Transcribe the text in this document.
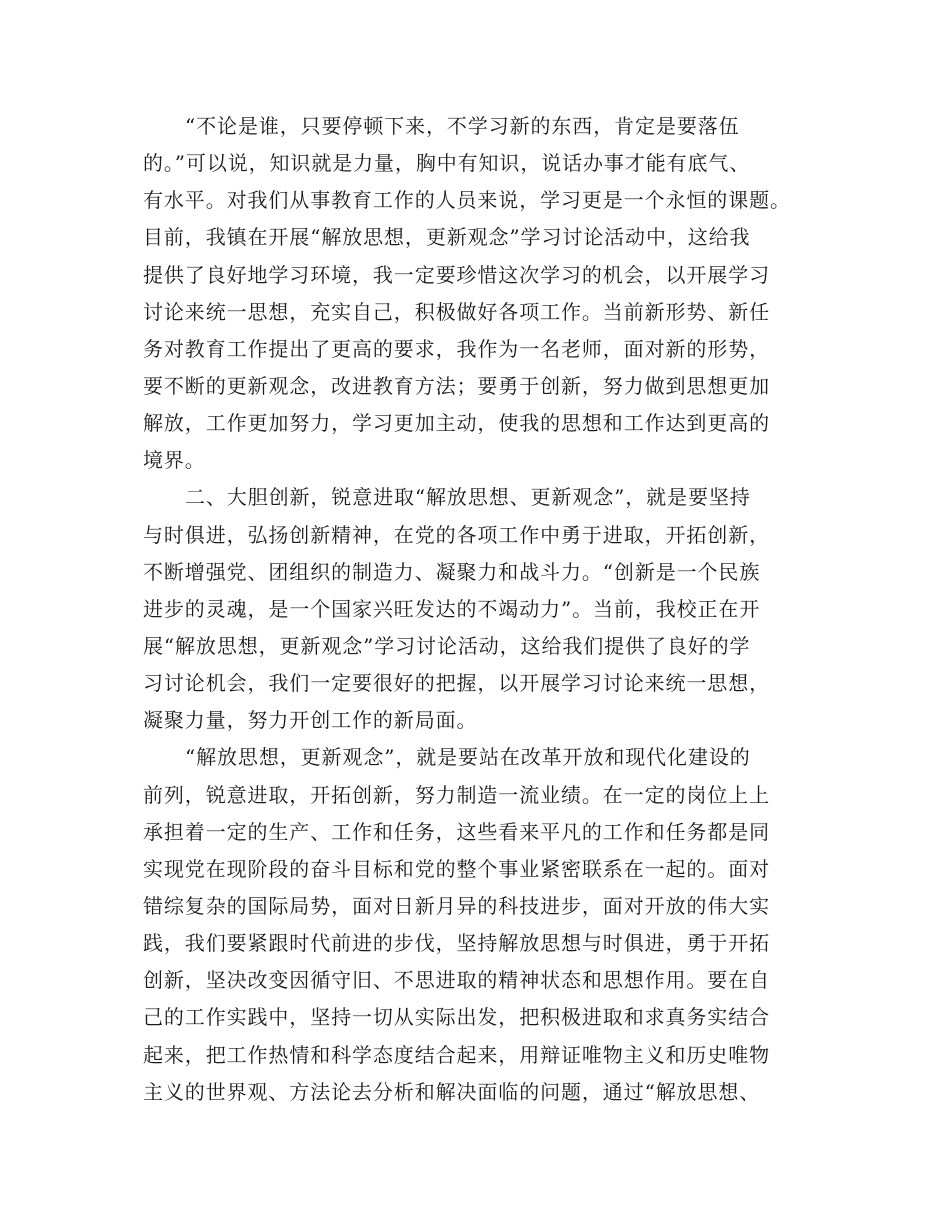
“不论是谁，只要停顿下来，不学习新的东西，肯定是要落伍
的。”可以说，知识就是力量，胸中有知识，说话办事才能有底气、
有水平。对我们从事教育工作的人员来说，学习更是一个永恒的课题。
目前，我镇在开展“解放思想，更新观念”学习讨论活动中，这给我
提供了良好地学习环境，我一定要珍惜这次学习的机会，以开展学习
讨论来统一思想，充实自己，积极做好各项工作。当前新形势、新任
务对教育工作提出了更高的要求，我作为一名老师，面对新的形势，
要不断的更新观念，改进教育方法；要勇于创新，努力做到思想更加
解放，工作更加努力，学习更加主动，使我的思想和工作达到更高的
境界。
二、大胆创新，锐意进取“解放思想、更新观念”，就是要坚持
与时俱进，弘扬创新精神，在党的各项工作中勇于进取，开拓创新，
不断增强党、团组织的制造力、凝聚力和战斗力。“创新是一个民族
进步的灵魂，是一个国家兴旺发达的不竭动力”。当前，我校正在开
展“解放思想，更新观念”学习讨论活动，这给我们提供了良好的学
习讨论机会，我们一定要很好的把握，以开展学习讨论来统一思想，
凝聚力量，努力开创工作的新局面。
“解放思想，更新观念”，就是要站在改革开放和现代化建设的
前列，锐意进取，开拓创新，努力制造一流业绩。在一定的岗位上上
承担着一定的生产、工作和任务，这些看来平凡的工作和任务都是同
实现党在现阶段的奋斗目标和党的整个事业紧密联系在一起的。面对
错综复杂的国际局势，面对日新月异的科技进步，面对开放的伟大实
践，我们要紧跟时代前进的步伐，坚持解放思想与时俱进，勇于开拓
创新，坚决改变因循守旧、不思进取的精神状态和思想作用。要在自
己的工作实践中，坚持一切从实际出发，把积极进取和求真务实结合
起来，把工作热情和科学态度结合起来，用辩证唯物主义和历史唯物
主义的世界观、方法论去分析和解决面临的问题，通过“解放思想、
